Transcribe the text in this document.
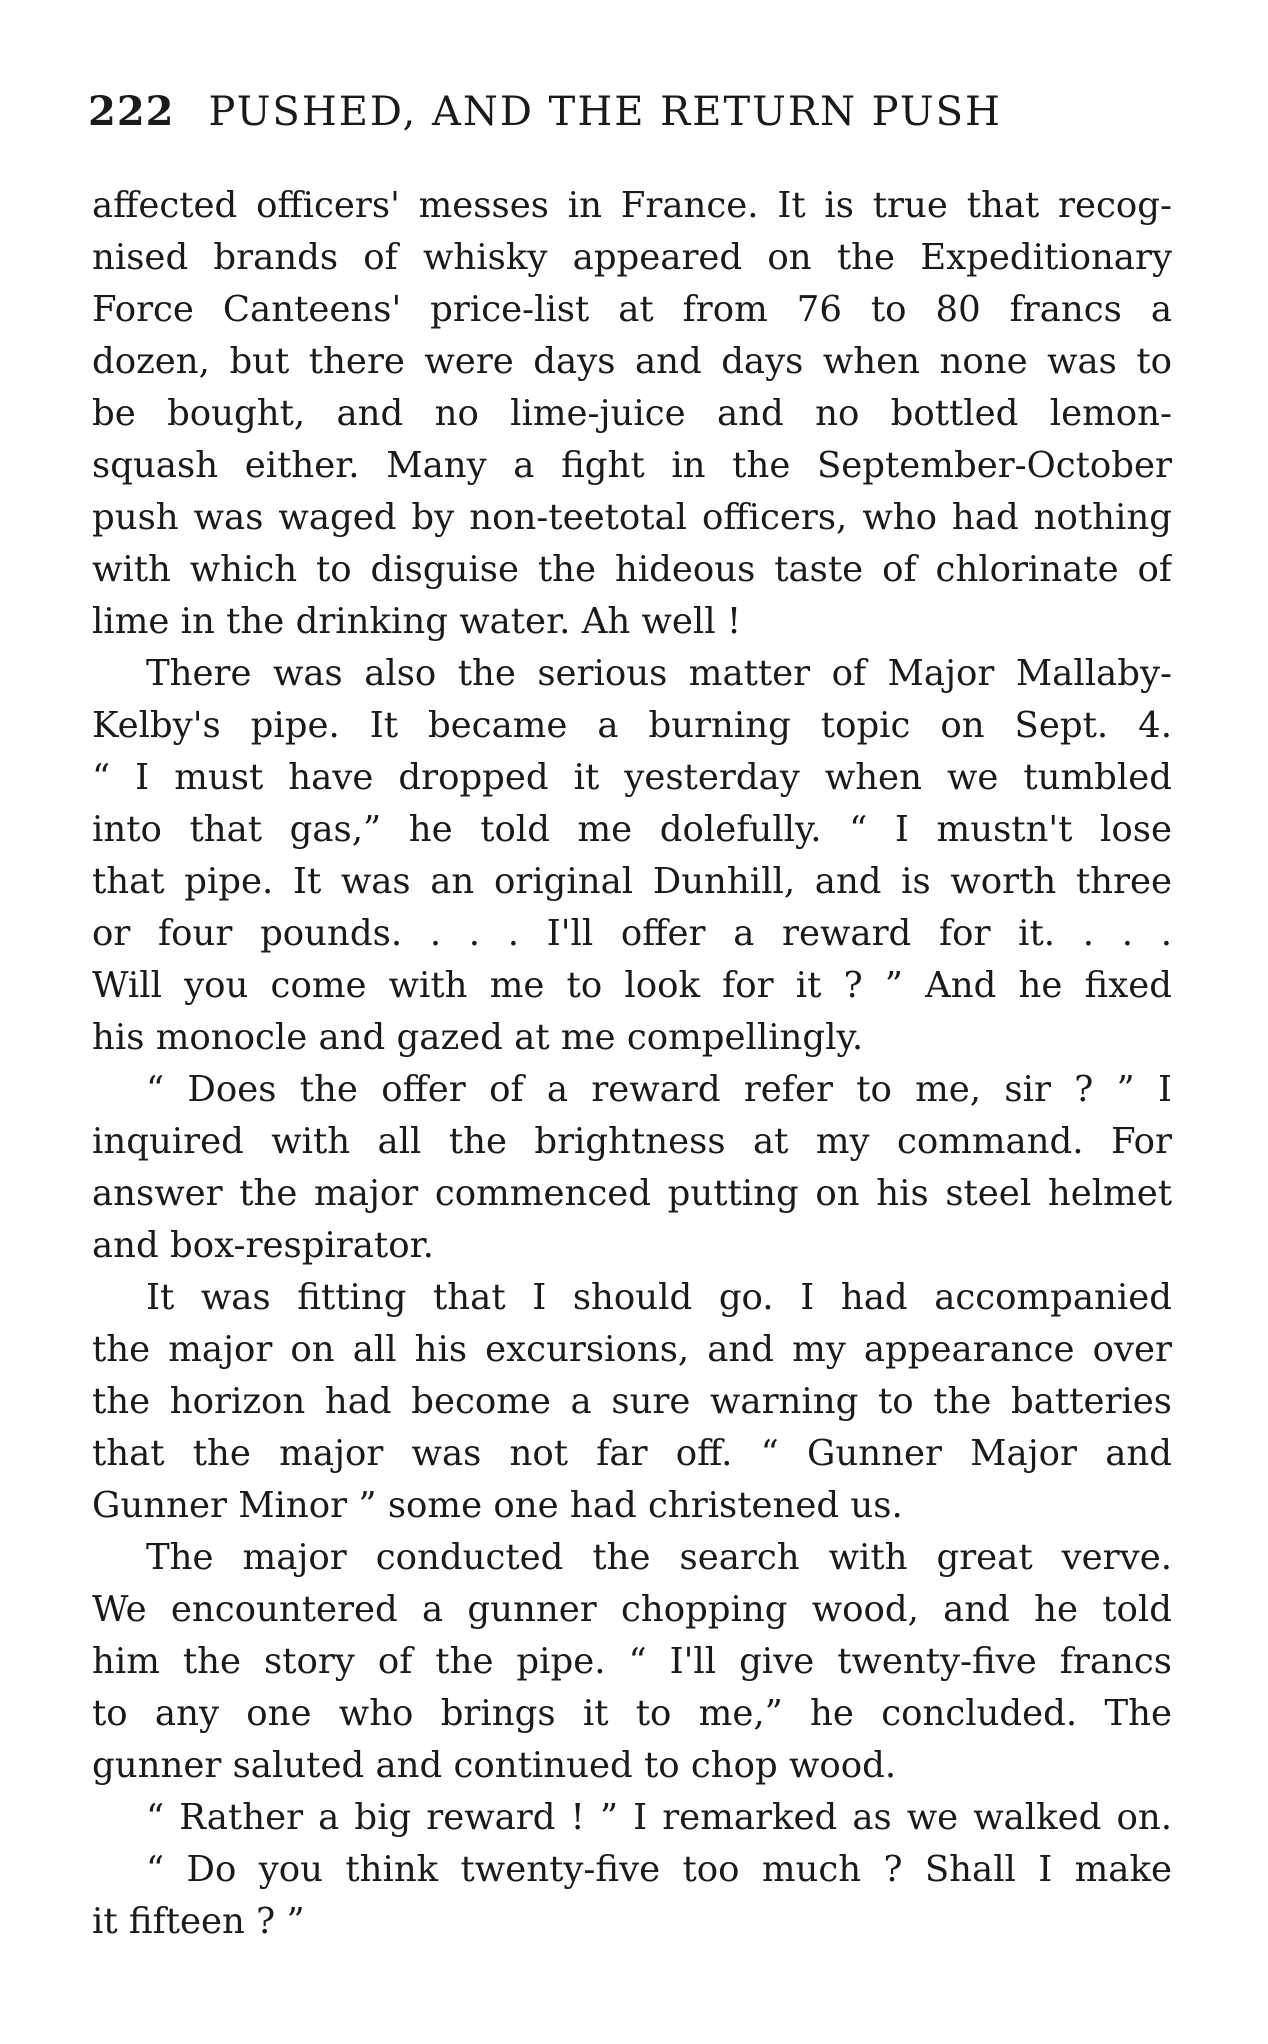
222 PUSHED, AND THE RETURN PUSH
affected officers' messes in France. It is true that recog-
nised brands of whisky appeared on the Expeditionary
Force Canteens' price-list at from 76 to 80 francs a
dozen, but there were days and days when none was to
be bought, and no lime-juice and no bottled lemon-
squash either. Many a fight in the September-October
push was waged by non-teetotal officers, who had nothing
with which to disguise the hideous taste of chlorinate of
lime in the drinking water. Ah well !
There was also the serious matter of Major Mallaby-
Kelby's pipe. It became a burning topic on Sept. 4.
“ I must have dropped it yesterday when we tumbled
into that gas,” he told me dolefully. “ I mustn't lose
that pipe. It was an original Dunhill, and is worth three
or four pounds. . . . I'll offer a reward for it. . . .
Will you come with me to look for it ? ” And he fixed
his monocle and gazed at me compellingly.
“ Does the offer of a reward refer to me, sir ? ” I
inquired with all the brightness at my command. For
answer the major commenced putting on his steel helmet
and box-respirator.
It was fitting that I should go. I had accompanied
the major on all his excursions, and my appearance over
the horizon had become a sure warning to the batteries
that the major was not far off. “ Gunner Major and
Gunner Minor ” some one had christened us.
The major conducted the search with great verve.
We encountered a gunner chopping wood, and he told
him the story of the pipe. “ I'll give twenty-five francs
to any one who brings it to me,” he concluded. The
gunner saluted and continued to chop wood.
“ Rather a big reward ! ” I remarked as we walked on.
“ Do you think twenty-five too much ? Shall I make
it fifteen ? ”
